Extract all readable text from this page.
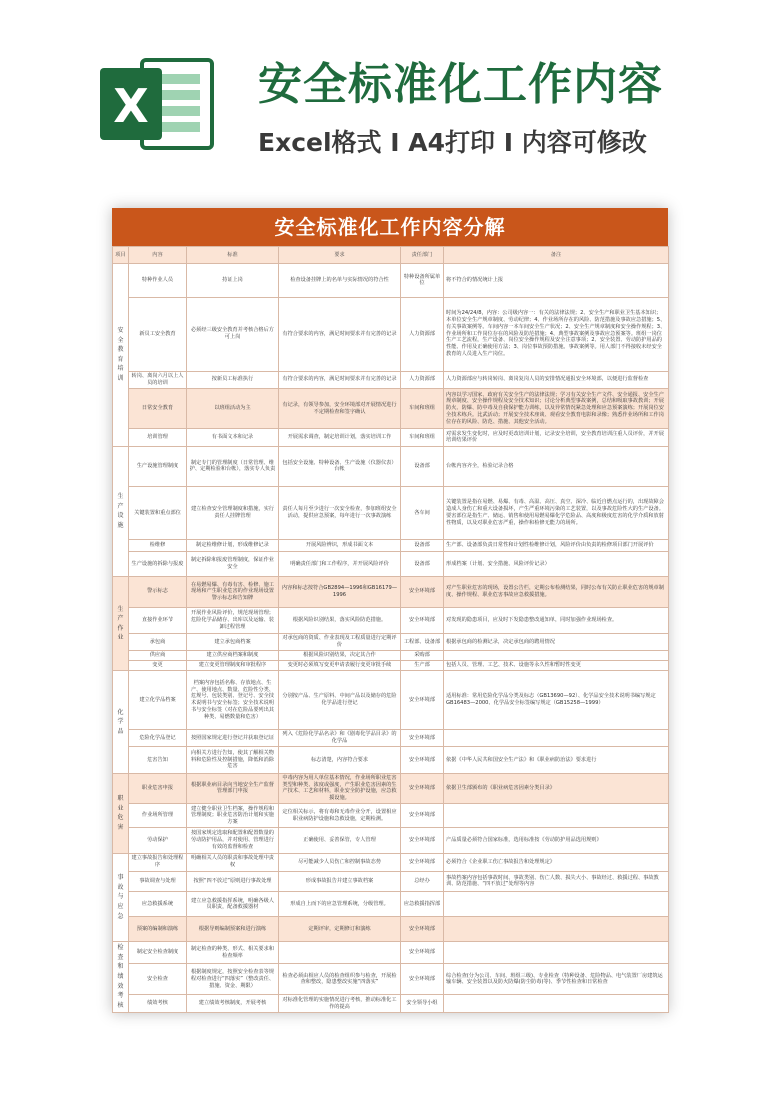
X 安全标准化工作内容
Excel格式 I A4打印 I 内容可修改
安全标准化工作内容分解
项目	内容	标准	要求	责任部门	备注
安全教育培训	特种作业人员	持证上岗	检查设备挂牌上的名单与实际情况的符合性	特种设备所属单位	将不符合的情况统计上报
	新员工安全教育	必须经三级安全教育并考核合格后方可上岗	有符合要求的内容，满足时间要求并有完善的记录	人力资源部	时间为24/24/8，内容：公司级内容一：有关的法律法规；2、安全生产和职业卫生基本知识；本单位安全生产规章制度、劳动纪律；4、作业场所存在的风险、防范措施及事故应急措施；5、有关事故案例等。车间内容一本车间安全生产状况；2、安全生产规章制度和安全操作规程；3、作业场所和工作岗位存在的风险及防范措施；4、典型事故案例及事故应急预案等。班组一岗位生产工艺流程，生产设备、岗位安全操作规程及安全注意事项；2、安全装置、劳动防护用品的性能、作用及正确使用方法；3、岗位事故预防措施。事故案例等。用人部门不得接收未经安全教育的人员进入生产岗位。
	转岗、离岗六月以上人员的培训	按新员工标准执行	有符合要求的内容，满足时间要求并有完善的记录	人力资源部	人力资源部应与转岗转岗、离岗复岗人员的安排情况通报安全环境部，以便进行监督检查
	日常安全教育	以班组活动为主	有记录，有领导参加，安全环境部对开展情况进行不定期检查和签字确认	车间和班组	内容以学习国家、政府有关安全生产的法律法规；学习有关安全生产文件、安全通报、安全生产规章制度、安全操作规程及安全技术知识；讨论分析典型事故案例，总结和吸取事故教训；开展防火、防爆、防中毒及自我保护能力训练，以及异常情况紧急处理和应急预案演练；开展岗位安全技术练兵。比武活动；开展安全技术座谈、观看安全教育电影和录像；熟悉作业场所和工作岗位存在的风险、防范、措施、其他安全活动。
	培训管理	有书面文本和记录	开展需求调查，制定培训计划，落实培训工作	车间和班组	对需求发生变化时，应及时更改培训计划，记录安全培训，安全教育培训注重人员评价，并开展培训结果评价
生产设施	生产设施管理制度	制定专门的管理制度（日常管理、维护、定期检验和台帐），落实专人负责	包括安全设施、特种设备、生产设施（仪器仪表）台帐	设备部	台帐内容齐全，检验记录合格
	关键装置和重点部位	建立检查安全管理制度和措施，实行责任人挂牌管理	责任人每月至少进行一次安全检查，参加班组安全活动，提供应急预案，每年进行一次事故演练	各车间	关键装置是指在易燃、易爆、有毒、高温、高压、真空、深冷、临近自燃点运行的，出现故障会造成人身伤亡和重大设备损坏，产生严重环境污染的工艺装置，以及事故危险性大的生产设备。要害部位是指生产、储运、销售和使用易燃易爆化学危险品、高度和极度危害的化学介质和放射性物质，以及对职业危害严重，操作和检修无能力的场所。
	检维修	制定检维修计划，形成维修记录	开展风险辨识，形成书面文本	设备部	生产部、设备部负责日常性和计划性检维修计划，风险评价由负责的检修项目部门开展评价
	生产设施的拆除与报废	制定拆除和报废管理制度，保证作业安全	明确责任部门和工作程序，并开展风险评价	设备部	形成档案（计划、安全措施、风险评价记录）
生产作业	警示标志	在易燃易爆、有毒有害、检修、施工现场和产生职业危害的作业现场设置警示标志和告知牌	内容和标志按符合GB2894—1996和GB16179—1996	安全环境部	对产生职业危害的现场，设置公告栏，定期公布检测结果，同时公布有关防止职业危害的规章制度、操作规程、职业危害事故应急救援措施。
	直接作业环节	开展作业风险评价，规范现场管理；危险化学品储存、出库以及运输、装卸过程管理	根据风险识别结果，落实风险防范措施。	安全环境部	对发现的隐患项目，应及时下发隐患整改通知单，同时加强作业现场检查。
	承包商	建立承包商档案	对承包商的资质、作业表现及工程质量进行定期评价	工程部、设备部	根据承包商的检测记录，决定承包商的聘用情况
	供应商	建立供应商档案和制度	根据风险识别结果，决定其合作	采购部	
	变更	建立变更管理制度和审批程序	变更时必须填写变更申请表履行变更审批手续	生产部	包括人员、管理、工艺、技术、设施等永久性和暂时性变更
化学品	建立化学品档案	档案内容包括名称、存放地点、生产、使用地点、数量、危险性分类、危规号、包装类别、登记号、安全技术说明书与安全标签；安全技术说明书与安全标签（对在危险品要列出其种类、易燃数量和危害）	分别按产品、生产原料、中间产品以及储存的危险化学品进行登记	安全环境部	适用标准：常用危险化学品分类及标志（GB13690—92）、化学品安全技术说明书编写规定GB16483—2000、化学品安全标签编写规定（GB15258—1999）
	危险化学品登记	按照国家规定进行登记并获取登记证	列入《危险化学品名录》和《剧毒化学品目录》的化学品	安全环境部	
	危害告知	向相关方进行告知，使其了解相关物料和危险性及控制措施，降低和消除危害	标志清楚，内容符合要求	安全环境部	依据《中华人民共和国安全生产法》和《职业病防治法》要求进行
职业危害	职业危害申报	根据职业病目录向当地安全生产监督管理部门申报	中毒内容为用人单位基本情况，作业场所职业危害类型和种类、浓度或强度，产生职业危害因素的生产技术、工艺和材料，职业安全防护设施，应急救援设施。	安全环境部	依据卫生部颁布的《职业病危害因素分类目录》
	作业场所管理	建立健全职业卫生档案，操作规程和管理制度；职业危害防治计划和实施方案	定位相关标示，将有毒和无毒作业分开，设置相应职业病防护设施和急救设施，定期检测。	安全环境部	
	劳动保护	按国家规定选取和配置和配置数量的劳动防护用品，并对使用、管理进行有效的监督和检查	正确使用、妥善保管，专人管理	安全环境部	产品质量必须符合国家标准，选用标准按《劳动防护用品选用规则》
事故与应急	建立事故报告和处理程序	明确相关人员的职责和事故处理中责权	尽可能减少人员伤亡和控制事故态势	安全环境部	必须符合《企业职工伤亡事故报告和处理规定》
	事故调查与处理	按照“四不放过”原则进行事故处理	形成事故报告并建立事故档案	总经办	事故档案内容包括事故时间、事故类别、伤亡人数、损失大小、事故经过、救援过程、事故教训、防范措施、“四不放过”处理等内容
	应急救援系统	建立应急救援指挥系统，明确各级人员职责，配备救援器材	形成自上而下的应急管理系统，分级管理。	应急救援指挥部	
	预案的编制和演练	根据导则编制预案和进行演练	定期评审，定期修订和演练	安全环境部	
检查和绩效考核	制定安全检查制度	制定检查的种类、形式、相关要求和检查频率		安全环境部	
	安全检查	根据制度规定，按照安全检查表等规程对检查进行“四落实”（整改责任、措施、资金、期限）	检查必须由相应人员的检查组织参与检查，开展检查和整改，隐患整改实施“四落实”	安全环境部	综合检查(分为公司、车间、班组三级)、专业检查（特种设备、危险物品、电气装置厂房建筑运输车辆、安全装置以及防火防爆(防尘防毒)等)、季节性检查和日常检查
	绩效考核	建立绩效考核制度，开展考核	对标准化管理的实施情况进行考核，推动标准化工作的提高	安全领导小组	
